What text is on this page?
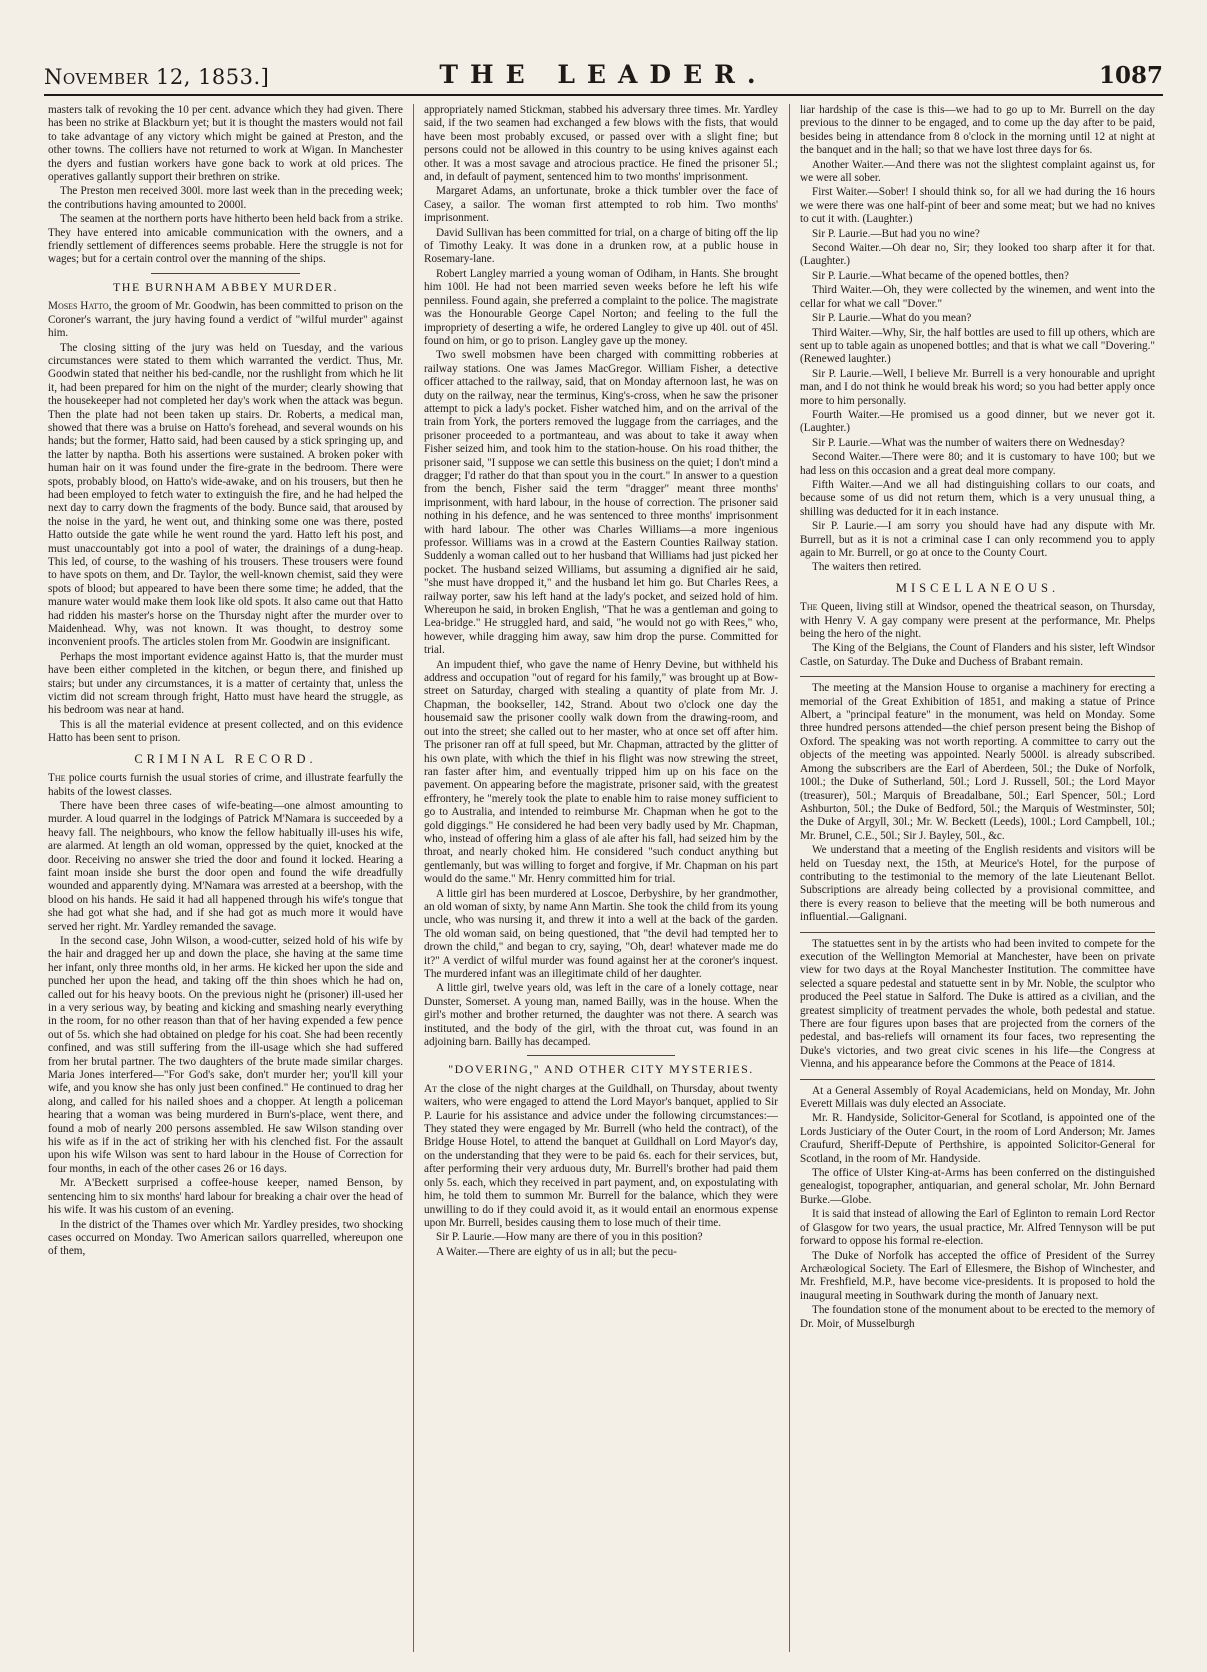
November 12, 1853.]	THE LEADER.	1087

masters talk of revoking the 10 per cent. advance which they had given. There has been no strike at Blackburn yet; but it is thought the masters would not fail to take advantage of any victory which might be gained at Preston, and the other towns. The colliers have not returned to work at Wigan. In Manchester the dyers and fustian workers have gone back to work at old prices. The operatives gallantly support their brethren on strike.

The Preston men received 300l. more last week than in the preceding week; the contributions having amounted to 2000l.

The seamen at the northern ports have hitherto been held back from a strike. They have entered into amicable communication with the owners, and a friendly settlement of differences seems probable. Here the struggle is not for wages; but for a certain control over the manning of the ships.

THE BURNHAM ABBEY MURDER.

Moses Hatto, the groom of Mr. Goodwin, has been committed to prison on the Coroner's warrant, the jury having found a verdict of "wilful murder" against him.

The closing sitting of the jury was held on Tuesday, and the various circumstances were stated to them which warranted the verdict. Thus, Mr. Goodwin stated that neither his bed-candle, nor the rushlight from which he lit it, had been prepared for him on the night of the murder; clearly showing that the housekeeper had not completed her day's work when the attack was begun. Then the plate had not been taken up stairs. Dr. Roberts, a medical man, showed that there was a bruise on Hatto's forehead, and several wounds on his hands; but the former, Hatto said, had been caused by a stick springing up, and the latter by naptha. Both his assertions were sustained. A broken poker with human hair on it was found under the fire-grate in the bedroom. There were spots, probably blood, on Hatto's wide-awake, and on his trousers, but then he had been employed to fetch water to extinguish the fire, and he had helped the next day to carry down the fragments of the body. Bunce said, that aroused by the noise in the yard, he went out, and thinking some one was there, posted Hatto outside the gate while he went round the yard. Hatto left his post, and must unaccountably got into a pool of water, the drainings of a dung-heap. This led, of course, to the washing of his trousers. These trousers were found to have spots on them, and Dr. Taylor, the well-known chemist, said they were spots of blood; but appeared to have been there some time; he added, that the manure water would make them look like old spots. It also came out that Hatto had ridden his master's horse on the Thursday night after the murder over to Maidenhead. Why, was not known. It was thought, to destroy some inconvenient proofs. The articles stolen from Mr. Goodwin are insignificant.

Perhaps the most important evidence against Hatto is, that the murder must have been either completed in the kitchen, or begun there, and finished up stairs; but under any circumstances, it is a matter of certainty that, unless the victim did not scream through fright, Hatto must have heard the struggle, as his bedroom was near at hand.

This is all the material evidence at present collected, and on this evidence Hatto has been sent to prison.

CRIMINAL RECORD.

The police courts furnish the usual stories of crime, and illustrate fearfully the habits of the lowest classes.

There have been three cases of wife-beating—one almost amounting to murder. A loud quarrel in the lodgings of Patrick M'Namara is succeeded by a heavy fall. The neighbours, who know the fellow habitually ill-uses his wife, are alarmed. At length an old woman, oppressed by the quiet, knocked at the door. Receiving no answer she tried the door and found it locked. Hearing a faint moan inside she burst the door open and found the wife dreadfully wounded and apparently dying. M'Namara was arrested at a beershop, with the blood on his hands. He said it had all happened through his wife's tongue that she had got what she had, and if she had got as much more it would have served her right. Mr. Yardley remanded the savage.

In the second case, John Wilson, a wood-cutter, seized hold of his wife by the hair and dragged her up and down the place, she having at the same time her infant, only three months old, in her arms. He kicked her upon the side and punched her upon the head, and taking off the thin shoes which he had on, called out for his heavy boots. On the previous night he (prisoner) ill-used her in a very serious way, by beating and kicking and smashing nearly everything in the room, for no other reason than that of her having expended a few pence out of 5s. which she had obtained on pledge for his coat. She had been recently confined, and was still suffering from the ill-usage which she had suffered from her brutal partner. The two daughters of the brute made similar charges. Maria Jones interfered—"For God's sake, don't murder her; you'll kill your wife, and you know she has only just been confined." He continued to drag her along, and called for his nailed shoes and a chopper. At length a policeman hearing that a woman was being murdered in Burn's-place, went there, and found a mob of nearly 200 persons assembled. He saw Wilson standing over his wife as if in the act of striking her with his clenched fist. For the assault upon his wife Wilson was sent to hard labour in the House of Correction for four months, in each of the other cases 26 or 16 days.

Mr. A'Beckett surprised a coffee-house keeper, named Benson, by sentencing him to six months' hard labour for breaking a chair over the head of his wife. It was his custom of an evening.

In the district of the Thames over which Mr. Yardley presides, two shocking cases occurred on Monday. Two American sailors quarrelled, whereupon one of them,

appropriately named Stickman, stabbed his adversary three times. Mr. Yardley said, if the two seamen had exchanged a few blows with the fists, that would have been most probably excused, or passed over with a slight fine; but persons could not be allowed in this country to be using knives against each other. It was a most savage and atrocious practice. He fined the prisoner 5l.; and, in default of payment, sentenced him to two months' imprisonment.

Margaret Adams, an unfortunate, broke a thick tumbler over the face of Casey, a sailor. The woman first attempted to rob him. Two months' imprisonment.

David Sullivan has been committed for trial, on a charge of biting off the lip of Timothy Leaky. It was done in a drunken row, at a public house in Rosemary-lane.

Robert Langley married a young woman of Odiham, in Hants. She brought him 100l. He had not been married seven weeks before he left his wife penniless. Found again, she preferred a complaint to the police. The magistrate was the Honourable George Capel Norton; and feeling to the full the impropriety of deserting a wife, he ordered Langley to give up 40l. out of 45l. found on him, or go to prison. Langley gave up the money.

Two swell mobsmen have been charged with committing robberies at railway stations. One was James MacGregor. William Fisher, a detective officer attached to the railway, said, that on Monday afternoon last, he was on duty on the railway, near the terminus, King's-cross, when he saw the prisoner attempt to pick a lady's pocket. Fisher watched him, and on the arrival of the train from York, the porters removed the luggage from the carriages, and the prisoner proceeded to a portmanteau, and was about to take it away when Fisher seized him, and took him to the station-house. On his road thither, the prisoner said, "I suppose we can settle this business on the quiet; I don't mind a dragger; I'd rather do that than spout you in the court." In answer to a question from the bench, Fisher said the term "dragger" meant three months' imprisonment, with hard labour, in the house of correction. The prisoner said nothing in his defence, and he was sentenced to three months' imprisonment with hard labour. The other was Charles Williams—a more ingenious professor. Williams was in a crowd at the Eastern Counties Railway station. Suddenly a woman called out to her husband that Williams had just picked her pocket. The husband seized Williams, but assuming a dignified air he said, "she must have dropped it," and the husband let him go. But Charles Rees, a railway porter, saw his left hand at the lady's pocket, and seized hold of him. Whereupon he said, in broken English, "That he was a gentleman and going to Lea-bridge." He struggled hard, and said, "he would not go with Rees," who, however, while dragging him away, saw him drop the purse. Committed for trial.

An impudent thief, who gave the name of Henry Devine, but withheld his address and occupation "out of regard for his family," was brought up at Bow-street on Saturday, charged with stealing a quantity of plate from Mr. J. Chapman, the bookseller, 142, Strand. About two o'clock one day the housemaid saw the prisoner coolly walk down from the drawing-room, and out into the street; she called out to her master, who at once set off after him. The prisoner ran off at full speed, but Mr. Chapman, attracted by the glitter of his own plate, with which the thief in his flight was now strewing the street, ran faster after him, and eventually tripped him up on his face on the pavement. On appearing before the magistrate, prisoner said, with the greatest effrontery, he "merely took the plate to enable him to raise money sufficient to go to Australia, and intended to reimburse Mr. Chapman when he got to the gold diggings." He considered he had been very badly used by Mr. Chapman, who, instead of offering him a glass of ale after his fall, had seized him by the throat, and nearly choked him. He considered "such conduct anything but gentlemanly, but was willing to forget and forgive, if Mr. Chapman on his part would do the same." Mr. Henry committed him for trial.

A little girl has been murdered at Loscoe, Derbyshire, by her grandmother, an old woman of sixty, by name Ann Martin. She took the child from its young uncle, who was nursing it, and threw it into a well at the back of the garden. The old woman said, on being questioned, that "the devil had tempted her to drown the child," and began to cry, saying, "Oh, dear! whatever made me do it?" A verdict of wilful murder was found against her at the coroner's inquest. The murdered infant was an illegitimate child of her daughter.

A little girl, twelve years old, was left in the care of a lonely cottage, near Dunster, Somerset. A young man, named Bailly, was in the house. When the girl's mother and brother returned, the daughter was not there. A search was instituted, and the body of the girl, with the throat cut, was found in an adjoining barn. Bailly has decamped.

"DOVERING," AND OTHER CITY MYSTERIES.

At the close of the night charges at the Guildhall, on Thursday, about twenty waiters, who were engaged to attend the Lord Mayor's banquet, applied to Sir P. Laurie for his assistance and advice under the following circumstances:—They stated they were engaged by Mr. Burrell (who held the contract), of the Bridge House Hotel, to attend the banquet at Guildhall on Lord Mayor's day, on the understanding that they were to be paid 6s. each for their services, but, after performing their very arduous duty, Mr. Burrell's brother had paid them only 5s. each, which they received in part payment, and, on expostulating with him, he told them to summon Mr. Burrell for the balance, which they were unwilling to do if they could avoid it, as it would entail an enormous expense upon Mr. Burrell, besides causing them to lose much of their time.

Sir P. Laurie.—How many are there of you in this position?

A Waiter.—There are eighty of us in all; but the pecu-

liar hardship of the case is this—we had to go up to Mr. Burrell on the day previous to the dinner to be engaged, and to come up the day after to be paid, besides being in attendance from 8 o'clock in the morning until 12 at night at the banquet and in the hall; so that we have lost three days for 6s.

Another Waiter.—And there was not the slightest complaint against us, for we were all sober.

First Waiter.—Sober! I should think so, for all we had during the 16 hours we were there was one half-pint of beer and some meat; but we had no knives to cut it with. (Laughter.)

Sir P. Laurie.—But had you no wine?

Second Waiter.—Oh dear no, Sir; they looked too sharp after it for that. (Laughter.)

Sir P. Laurie.—What became of the opened bottles, then?

Third Waiter.—Oh, they were collected by the winemen, and went into the cellar for what we call "Dover."

Sir P. Laurie.—What do you mean?

Third Waiter.—Why, Sir, the half bottles are used to fill up others, which are sent up to table again as unopened bottles; and that is what we call "Dovering." (Renewed laughter.)

Sir P. Laurie.—Well, I believe Mr. Burrell is a very honourable and upright man, and I do not think he would break his word; so you had better apply once more to him personally.

Fourth Waiter.—He promised us a good dinner, but we never got it. (Laughter.)

Sir P. Laurie.—What was the number of waiters there on Wednesday?

Second Waiter.—There were 80; and it is customary to have 100; but we had less on this occasion and a great deal more company.

Fifth Waiter.—And we all had distinguishing collars to our coats, and because some of us did not return them, which is a very unusual thing, a shilling was deducted for it in each instance.

Sir P. Laurie.—I am sorry you should have had any dispute with Mr. Burrell, but as it is not a criminal case I can only recommend you to apply again to Mr. Burrell, or go at once to the County Court.

The waiters then retired.

MISCELLANEOUS.

The Queen, living still at Windsor, opened the theatrical season, on Thursday, with Henry V. A gay company were present at the performance, Mr. Phelps being the hero of the night.

The King of the Belgians, the Count of Flanders and his sister, left Windsor Castle, on Saturday. The Duke and Duchess of Brabant remain.

The meeting at the Mansion House to organise a machinery for erecting a memorial of the Great Exhibition of 1851, and making a statue of Prince Albert, a "principal feature" in the monument, was held on Monday. Some three hundred persons attended—the chief person present being the Bishop of Oxford. The speaking was not worth reporting. A committee to carry out the objects of the meeting was appointed. Nearly 5000l. is already subscribed. Among the subscribers are the Earl of Aberdeen, 50l.; the Duke of Norfolk, 100l.; the Duke of Sutherland, 50l.; Lord J. Russell, 50l.; the Lord Mayor (treasurer), 50l.; Marquis of Breadalbane, 50l.; Earl Spencer, 50l.; Lord Ashburton, 50l.; the Duke of Bedford, 50l.; the Marquis of Westminster, 50l; the Duke of Argyll, 30l.; Mr. W. Beckett (Leeds), 100l.; Lord Campbell, 10l.; Mr. Brunel, C.E., 50l.; Sir J. Bayley, 50l., &c.

We understand that a meeting of the English residents and visitors will be held on Tuesday next, the 15th, at Meurice's Hotel, for the purpose of contributing to the testimonial to the memory of the late Lieutenant Bellot. Subscriptions are already being collected by a provisional committee, and there is every reason to believe that the meeting will be both numerous and influential.—Galignani.

The statuettes sent in by the artists who had been invited to compete for the execution of the Wellington Memorial at Manchester, have been on private view for two days at the Royal Manchester Institution. The committee have selected a square pedestal and statuette sent in by Mr. Noble, the sculptor who produced the Peel statue in Salford. The Duke is attired as a civilian, and the greatest simplicity of treatment pervades the whole, both pedestal and statue. There are four figures upon bases that are projected from the corners of the pedestal, and bas-reliefs will ornament its four faces, two representing the Duke's victories, and two great civic scenes in his life—the Congress at Vienna, and his appearance before the Commons at the Peace of 1814.

At a General Assembly of Royal Academicians, held on Monday, Mr. John Everett Millais was duly elected an Associate.

Mr. R. Handyside, Solicitor-General for Scotland, is appointed one of the Lords Justiciary of the Outer Court, in the room of Lord Anderson; Mr. James Craufurd, Sheriff-Depute of Perthshire, is appointed Solicitor-General for Scotland, in the room of Mr. Handyside.

The office of Ulster King-at-Arms has been conferred on the distinguished genealogist, topographer, antiquarian, and general scholar, Mr. John Bernard Burke.—Globe.

It is said that instead of allowing the Earl of Eglinton to remain Lord Rector of Glasgow for two years, the usual practice, Mr. Alfred Tennyson will be put forward to oppose his formal re-election.

The Duke of Norfolk has accepted the office of President of the Surrey Archæological Society. The Earl of Ellesmere, the Bishop of Winchester, and Mr. Freshfield, M.P., have become vice-presidents. It is proposed to hold the inaugural meeting in Southwark during the month of January next.

The foundation stone of the monument about to be erected to the memory of Dr. Moir, of Musselburgh
